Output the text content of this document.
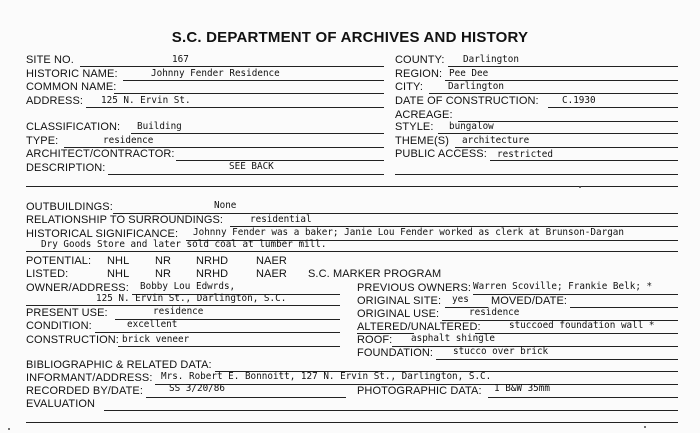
S.C. DEPARTMENT OF ARCHIVES AND HISTORY
SITE NO.	167
HISTORIC NAME:	Johnny Fender Residence
COMMON NAME:
ADDRESS: 125 N. Ervin St.
COUNTY: Darlington
REGION: Pee Dee
CITY:	Darlington
DATE OF CONSTRUCTION:	C.1930
ACREAGE:
CLASSIFICATION: Building
TYPE:	residence
ARCHITECT/CONTRACTOR:
DESCRIPTION:	SEE BACK
STYLE: bungalow
THEME(S) architecture
PUBLIC ACCESS: restricted
OUTBUILDINGS:	None
RELATIONSHIP TO SURROUNDINGS:	residential
HISTORICAL SIGNIFICANCE: Johnny Fender was a baker; Janie Lou Fender worked as clerk at Brunson-Dargan
Dry Goods Store and later sold coal at lumber mill.
POTENTIAL: NHL NR NRHD	NAER
LISTED:	NHL NR NRHD	NAER S.C. MARKER PROGRAM
OWNER/ADDRESS: Bobby Lou Edwrds,
125 N. Ervin St., Darlington, S.C.
PRESENT USE:	residence
CONDITION:	excellent
CONSTRUCTION: brick veneer
PREVIOUS OWNERS: Warren Scoville; Frankie Belk; *
ORIGINAL SITE: yes MOVED/DATE:
ORIGINAL USE:	residence
ALTERED/UNALTERED:	stuccoed foundation wall *
ROOF: asphalt shingle
FOUNDATION: stucco over brick
BIBLIOGRAPHIC & RELATED DATA:
INFORMANT/ADDRESS: Mrs. Robert E. Bonnoitt, 127 N. Ervin St., Darlington, S.C.
RECORDED BY/DATE:	SS 3/20/86	PHOTOGRAPHIC DATA: 1 B&W 35mm
EVALUATION
